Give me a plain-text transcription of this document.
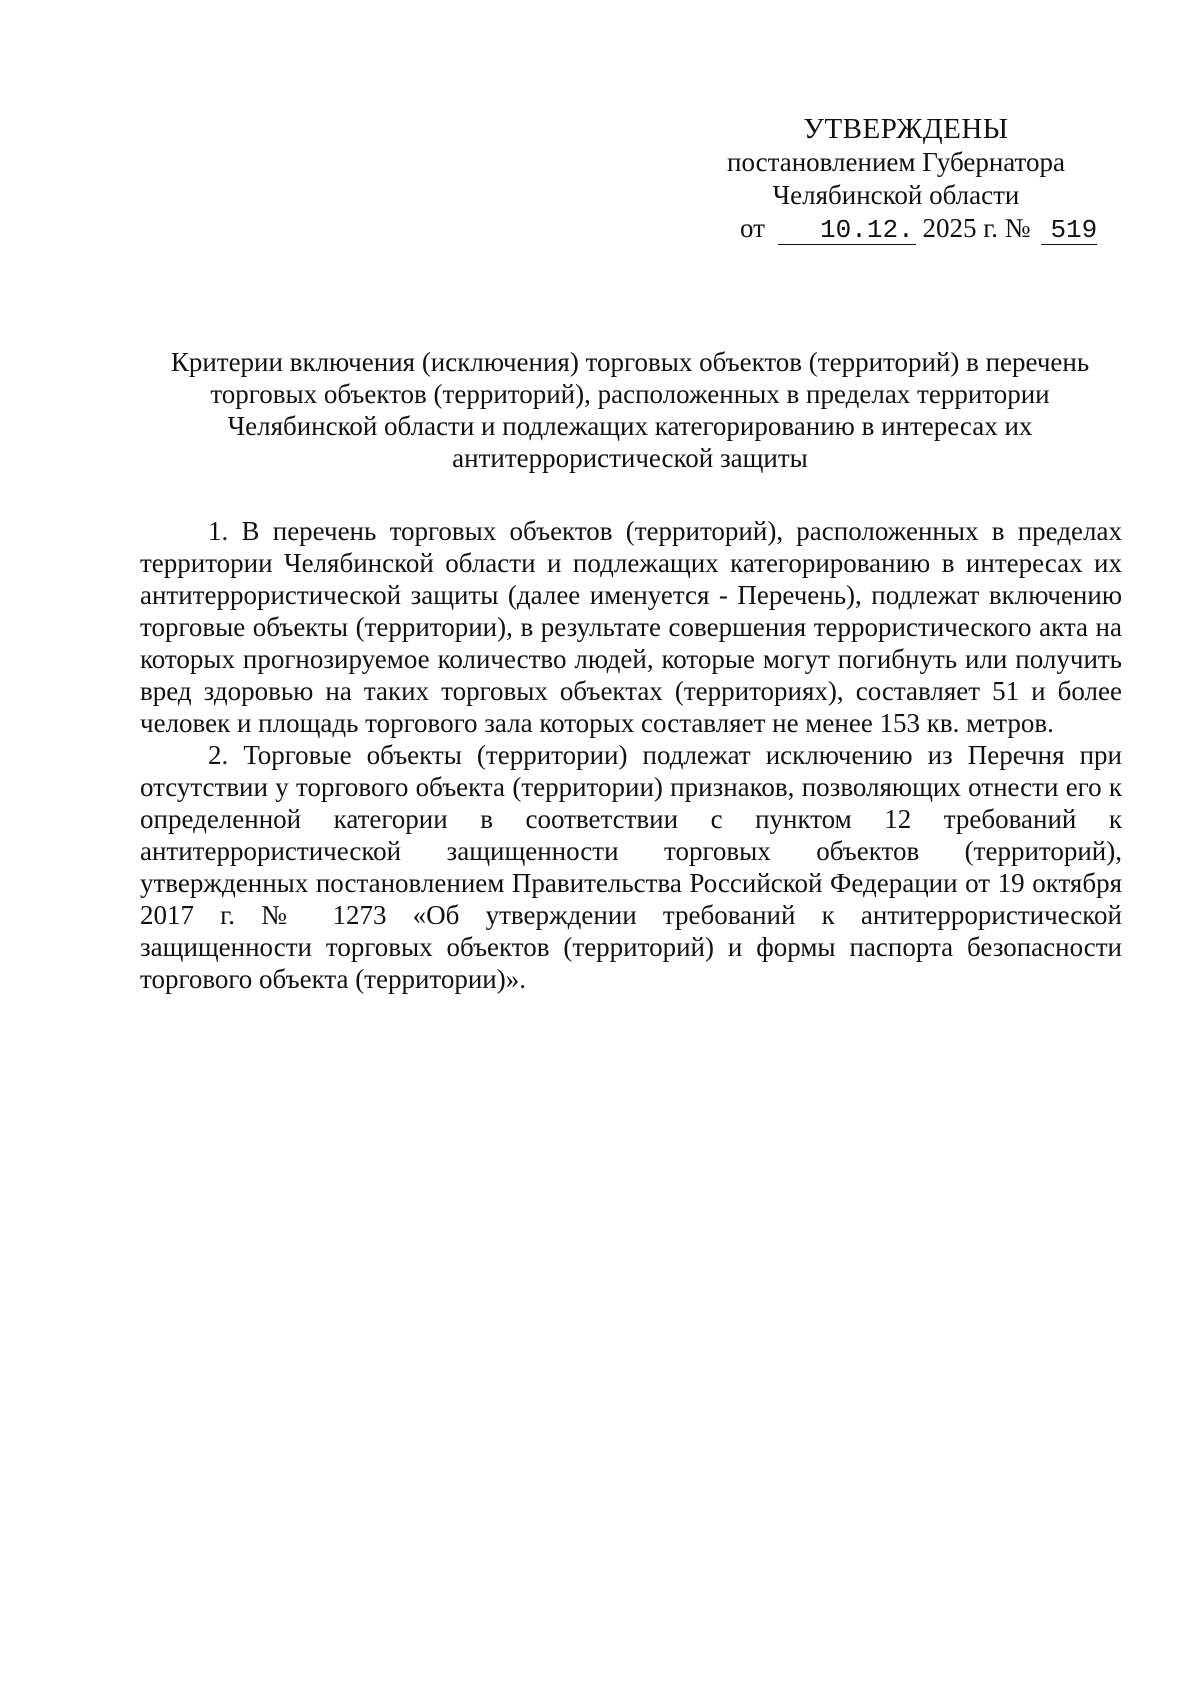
УТВЕРЖДЕНЫ
постановлением Губернатора
Челябинской области
от 10.12. 2025 г. № 519
Критерии включения (исключения) торговых объектов (территорий) в перечень
торговых объектов (территорий), расположенных в пределах территории
Челябинской области и подлежащих категорированию в интересах их
антитеррористической защиты

1. В перечень торговых объектов (территорий), расположенных в пределах территории Челябинской области и подлежащих категорированию в интересах их антитеррористической защиты (далее именуется - Перечень), подлежат включению торговые объекты (территории), в результате совершения террористического акта на которых прогнозируемое количество людей, которые могут погибнуть или получить вред здоровью на таких торговых объектах (территориях), составляет 51 и более человек и площадь торгового зала которых составляет не менее 153 кв. метров.

2. Торговые объекты (территории) подлежат исключению из Перечня при отсутствии у торгового объекта (территории) признаков, позволяющих отнести его к определенной категории в соответствии с пунктом 12 требований к антитеррористической защищенности торговых объектов (территорий), утвержденных постановлением Правительства Российской Федерации от 19 октября 2017 г. № 1273 «Об утверждении требований к антитеррористической защищенности торговых объектов (территорий) и формы паспорта безопасности торгового объекта (территории)».
